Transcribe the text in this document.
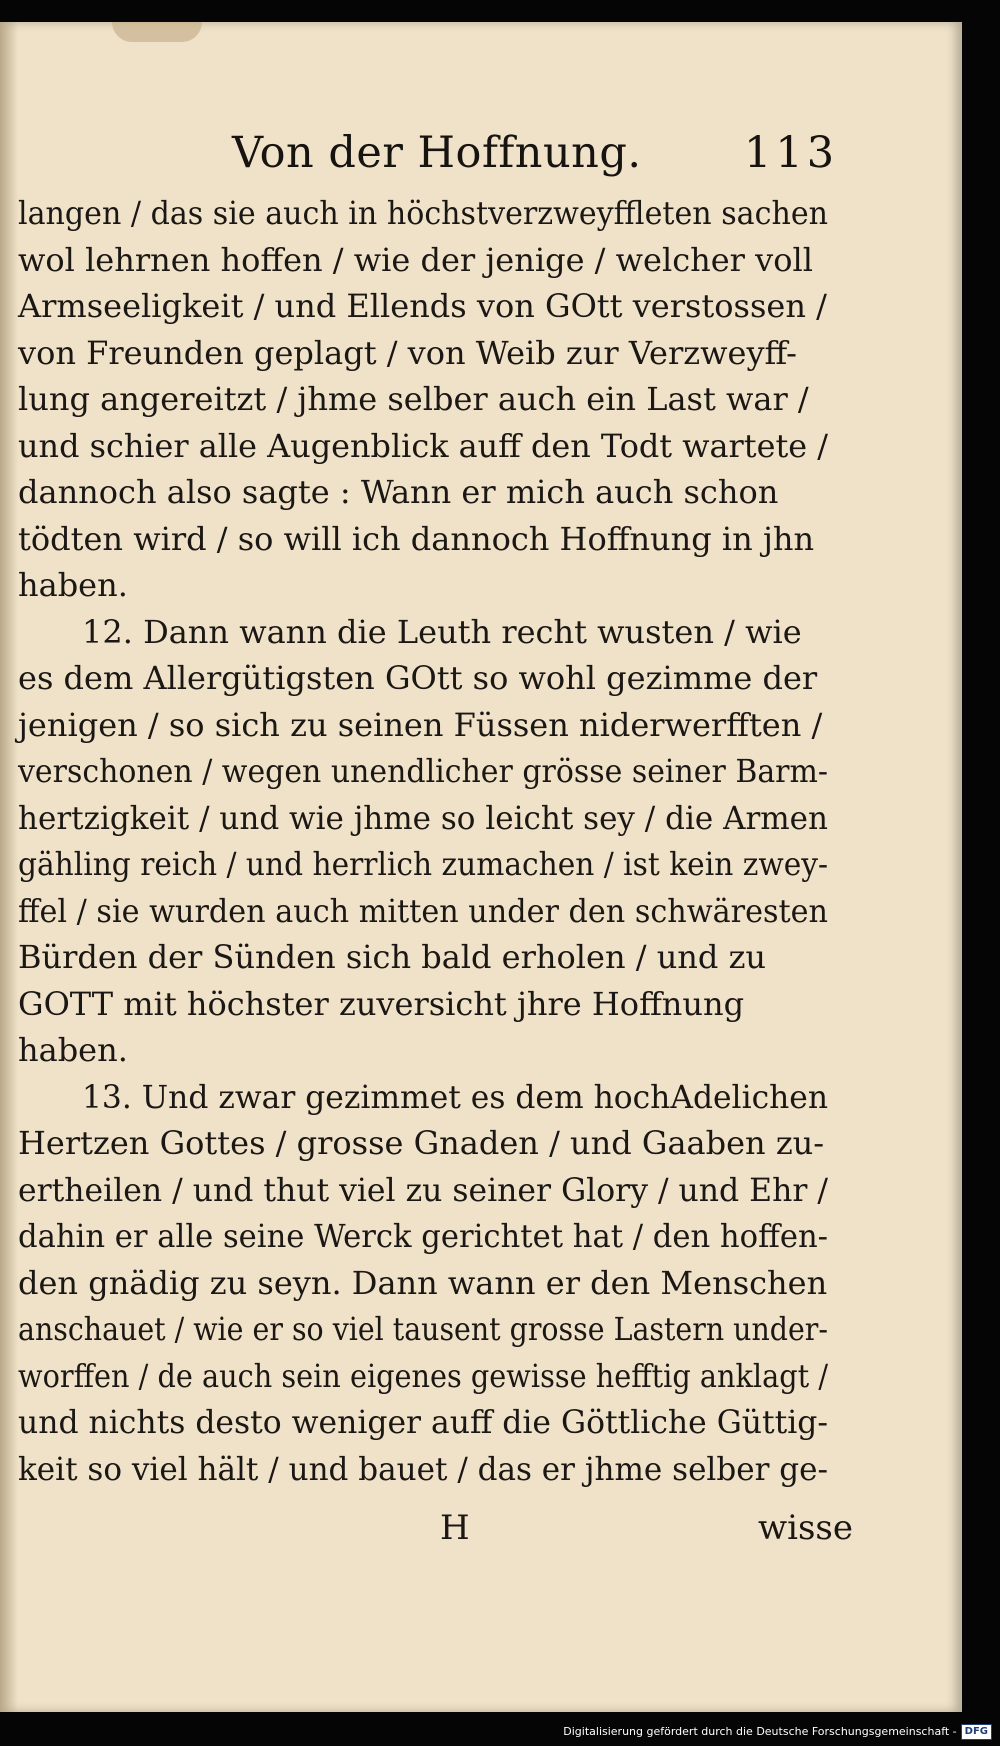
Von der Hoffnung. 113
langen / das sie auch in höchstverzweyffleten sachen
wol lehrnen hoffen / wie der jenige / welcher voll
Armseeligkeit / und Ellends von GOtt verstossen /
von Freunden geplagt / von Weib zur Verzweyff-
lung angereitzt / jhme selber auch ein Last war /
und schier alle Augenblick auff den Todt wartete /
dannoch also sagte : Wann er mich auch schon
tödten wird / so will ich dannoch Hoffnung in jhn
haben.
12. Dann wann die Leuth recht wusten / wie
es dem Allergütigsten GOtt so wohl gezimme der
jenigen / so sich zu seinen Füssen niderwerfften /
verschonen / wegen unendlicher grösse seiner Barm-
hertzigkeit / und wie jhme so leicht sey / die Armen
gähling reich / und herrlich zumachen / ist kein zwey-
ffel / sie wurden auch mitten under den schwäresten
Bürden der Sünden sich bald erholen / und zu
GOTT mit höchster zuversicht jhre Hoffnung
haben.
13. Und zwar gezimmet es dem hochAdelichen
Hertzen Gottes / grosse Gnaden / und Gaaben zu-
ertheilen / und thut viel zu seiner Glory / und Ehr /
dahin er alle seine Werck gerichtet hat / den hoffen-
den gnädig zu seyn. Dann wann er den Menschen
anschauet / wie er so viel tausent grosse Lastern under-
worffen / de auch sein eigenes gewisse hefftig anklagt /
und nichts desto weniger auff die Göttliche Güttig-
keit so viel hält / und bauet / das er jhme selber ge-
H	wisse
Digitalisierung gefördert durch die Deutsche Forschungsgemeinschaft - DFG
